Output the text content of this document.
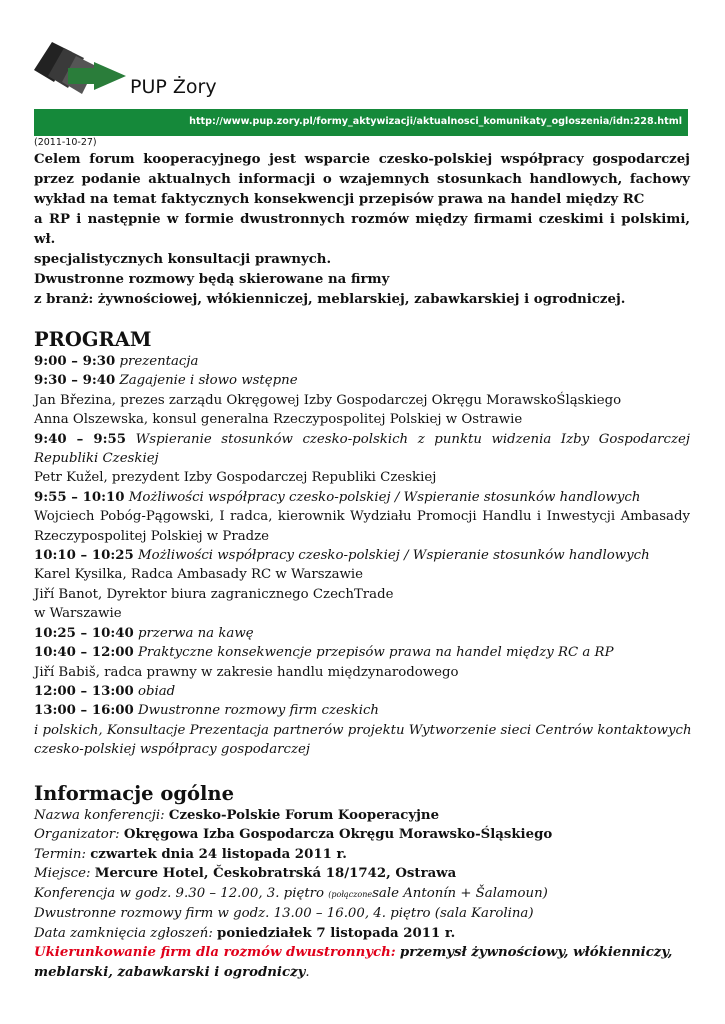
PUP Żory
http://www.pup.zory.pl/formy_aktywizacji/aktualnosci_komunikaty_ogloszenia/idn:228.html

(2011-10-27)

Celem forum kooperacyjnego jest wsparcie czesko-polskiej współpracy gospodarczej
przez podanie aktualnych informacji o wzajemnych stosunkach handlowych, fachowy
wykład na temat faktycznych konsekwencji przepisów prawa na handel między RC
a RP i następnie w formie dwustronnych rozmów między firmami czeskimi i polskimi, wł.
specjalistycznych konsultacji prawnych.
Dwustronne rozmowy będą skierowane na firmy
z branż: żywnościowej, włókienniczej, meblarskiej, zabawkarskiej i ogrodniczej.
PROGRAM
9:00 – 9:30 prezentacja
9:30 – 9:40 Zagajenie i słowo wstępne
Jan Březina, prezes zarządu Okręgowej Izby Gospodarczej Okręgu MorawskoŚląskiego
Anna Olszewska, konsul generalna Rzeczypospolitej Polskiej w Ostrawie
9:40 – 9:55 Wspieranie stosunków czesko-polskich z punktu widzenia Izby Gospodarczej
Republiki Czeskiej
Petr Kužel, prezydent Izby Gospodarczej Republiki Czeskiej
9:55 – 10:10 Możliwości współpracy czesko-polskiej / Wspieranie stosunków handlowych
Wojciech Pobóg-Pągowski, I radca, kierownik Wydziału Promocji Handlu i Inwestycji Ambasady
Rzeczypospolitej Polskiej w Pradze
10:10 – 10:25 Możliwości współpracy czesko-polskiej / Wspieranie stosunków handlowych
Karel Kysilka, Radca Ambasady RC w Warszawie
Jiří Banot, Dyrektor biura zagranicznego CzechTrade
w Warszawie
10:25 – 10:40 przerwa na kawę
10:40 – 12:00 Praktyczne konsekwencje przepisów prawa na handel między RC a RP
Jiří Babiš, radca prawny w zakresie handlu międzynarodowego
12:00 – 13:00 obiad
13:00 – 16:00 Dwustronne rozmowy firm czeskich
i polskich, Konsultacje Prezentacja partnerów projektu Wytworzenie sieci Centrów kontaktowych
czesko-polskiej współpracy gospodarczej
Informacje ogólne
Nazwa konferencji: Czesko-Polskie Forum Kooperacyjne
Organizator: Okręgowa Izba Gospodarcza Okręgu Morawsko-Śląskiego
Termin: czwartek dnia 24 listopada 2011 r.
Miejsce: Mercure Hotel, Českobratrská 18/1742, Ostrawa
Konferencja w godz. 9.30 – 12.00, 3. piętro (połączonesale Antonín + Šalamoun)
Dwustronne rozmowy firm w godz. 13.00 – 16.00, 4. piętro (sala Karolina)
Data zamknięcia zgłoszeń: poniedziałek 7 listopada 2011 r.
Ukierunkowanie firm dla rozmów dwustronnych: przemysł żywnościowy, włókienniczy,
meblarski, zabawkarski i ogrodniczy.
